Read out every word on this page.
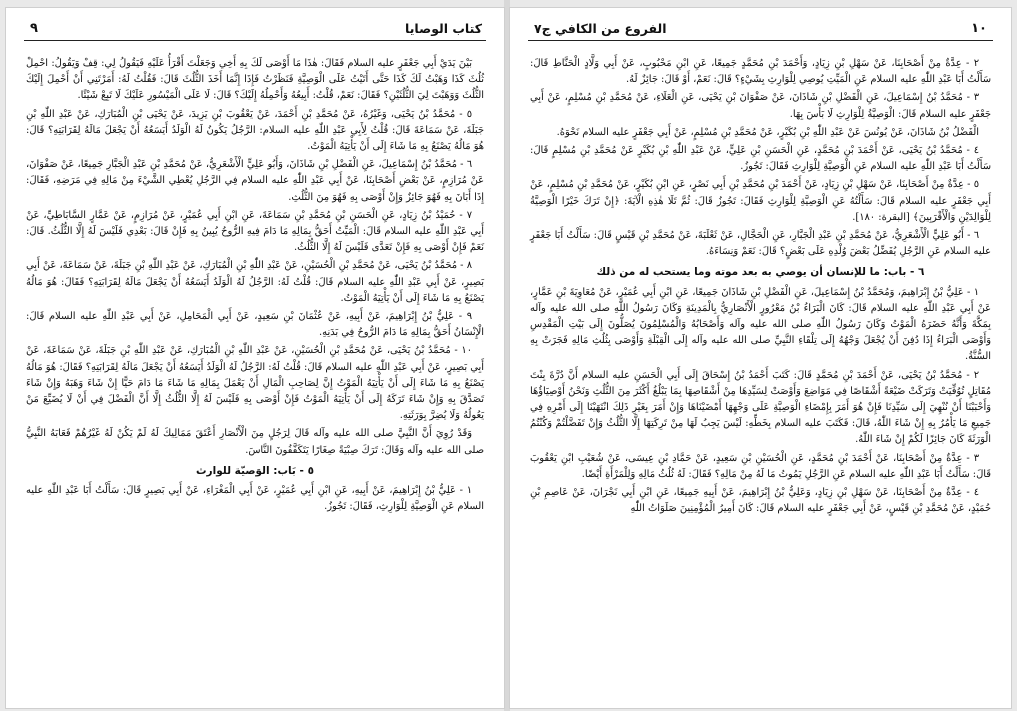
٩	كتاب الوصايا

بَيْنَ يَدَيْ أَبِي جَعْفَرٍ عليه السلام فَقَالَ: هٰذَا مَا أَوْصَى لَكَ بِهِ أَخِي وَجَعَلْتَ أَقْرَأُ عَلَيْهِ فَيَقُولُ لِي: قِفْ وَيَقُولُ: احْمِلْ ثُلُثَ كَذَا وَهَبْتُ لَكَ كَذَا حَتَّى أَتَيْتُ عَلَى الْوَصِيَّةِ فَنَظَرْتُ فَإِذَا إِنَّمَا أَخَذَ الثُّلُثَ قَالَ: فَقُلْتُ لَهُ: أَمَرْتَنِي أَنْ أَحْمِلَ إِلَيْكَ الثُّلُثَ وَوَهَبْتَ لِيَ الثُّلُثَيْنِ؟ فَقَالَ: نَعَمْ، قُلْتُ: أَبِيعُهُ وَأَحْمِلُهُ إِلَيْكَ؟ قَالَ: لَا عَلَى الْمَيْسُورِ عَلَيْكَ لَا تَبِعْ شَيْئًا.

٥ - مُحَمَّدُ بْنُ يَحْيَى، وَغَيْرُهُ، عَنْ مُحَمَّدِ بْنِ أَحْمَدَ، عَنْ يَعْقُوبَ بْنِ يَزِيدَ، عَنْ يَحْيَى بْنِ الْمُبَارَكِ، عَنْ عَبْدِ اللّٰهِ بْنِ جَبَلَةَ، عَنْ سَمَاعَةَ قَالَ: قُلْتُ لِأَبِي عَبْدِ اللّٰهِ عليه السلام: الرَّجُلُ يَكُونُ لَهُ الْوَلَدُ أَيَسَعُهُ أَنْ يَجْعَلَ مَالَهُ لِقَرَابَتِهِ؟ قَالَ: هُوَ مَالُهُ يَصْنَعُ بِهِ مَا شَاءَ إِلَى أَنْ يَأْتِيَهُ الْمَوْتُ.

٦ - مُحَمَّدُ بْنُ إِسْمَاعِيلَ، عَنِ الْفَضْلِ بْنِ شَاذَانَ، وَأَبُو عَلِيٍّ الْأَشْعَرِيُّ، عَنْ مُحَمَّدِ بْنِ عَبْدِ الْجَبَّارِ جَمِيعًا، عَنْ صَفْوَانَ، عَنْ مُرَازِمٍ، عَنْ بَعْضِ أَصْحَابِنَا، عَنْ أَبِي عَبْدِ اللّٰهِ عليه السلام فِي الرَّجُلِ يُعْطِي الشَّيْءَ مِنْ مَالِهِ فِي مَرَضِهِ، فَقَالَ: إِذَا أَبَانَ بِهِ فَهُوَ جَائِزٌ وَإِنْ أَوْصَى بِهِ فَهُوَ مِنَ الثُّلُثِ.

٧ - حُمَيْدُ بْنُ زِيَادٍ، عَنِ الْحَسَنِ بْنِ مُحَمَّدِ بْنِ سَمَاعَةَ، عَنِ ابْنِ أَبِي عُمَيْرٍ، عَنْ مُرَازِمٍ، عَنْ عَمَّارٍ السَّابَاطِيِّ، عَنْ أَبِي عَبْدِ اللّٰهِ عليه السلام قَالَ: الْمَيِّتُ أَحَقُّ بِمَالِهِ مَا دَامَ فِيهِ الرُّوحُ يُبِينُ بِهِ فَإِنْ قَالَ: بَعْدِي فَلَيْسَ لَهُ إِلَّا الثُّلُثُ. قَالَ: نَعَمْ فَإِنْ أَوْصَى بِهِ فَإِنْ تَعَدَّى فَلَيْسَ لَهُ إِلَّا الثُّلُثُ.

٨ - مُحَمَّدُ بْنُ يَحْيَى، عَنْ مُحَمَّدِ بْنِ الْحُسَيْنِ، عَنْ عَبْدِ اللّٰهِ بْنِ الْمُبَارَكِ، عَنْ عَبْدِ اللّٰهِ بْنِ جَبَلَةَ، عَنْ سَمَاعَةَ، عَنْ أَبِي بَصِيرٍ، عَنْ أَبِي عَبْدِ اللّٰهِ عليه السلام قَالَ: قُلْتُ لَهُ: الرَّجُلُ لَهُ الْوَلَدُ أَيَسَعُهُ أَنْ يَجْعَلَ مَالَهُ لِقَرَابَتِهِ؟ فَقَالَ: هُوَ مَالُهُ يَصْنَعُ بِهِ مَا شَاءَ إِلَى أَنْ يَأْتِيَهُ الْمَوْتُ.

٩ - عَلِيُّ بْنُ إِبْرَاهِيمَ، عَنْ أَبِيهِ، عَنْ عُثْمَانَ بْنِ سَعِيدٍ، عَنْ أَبِي الْمَحَامِلِ، عَنْ أَبِي عَبْدِ اللّٰهِ عليه السلام قَالَ: الْإِنْسَانُ أَحَقُّ بِمَالِهِ مَا دَامَ الرُّوحُ فِي بَدَنِهِ.

١٠ - مُحَمَّدُ بْنُ يَحْيَى، عَنْ مُحَمَّدِ بْنِ الْحُسَيْنِ، عَنْ عَبْدِ اللّٰهِ بْنِ الْمُبَارَكِ، عَنْ عَبْدِ اللّٰهِ بْنِ جَبَلَةَ، عَنْ سَمَاعَةَ، عَنْ أَبِي بَصِيرٍ، عَنْ أَبِي عَبْدِ اللّٰهِ عليه السلام قَالَ: قُلْتُ لَهُ: الرَّجُلُ لَهُ الْوَلَدُ أَيَسَعُهُ أَنْ يَجْعَلَ مَالَهُ لِقَرَابَتِهِ؟ فَقَالَ: هُوَ مَالُهُ يَصْنَعُ بِهِ مَا شَاءَ إِلَى أَنْ يَأْتِيَهُ الْمَوْتُ إِنَّ لِصَاحِبِ الْمَالِ أَنْ يَعْمَلَ بِمَالِهِ مَا شَاءَ مَا دَامَ حَيًّا إِنْ شَاءَ وَهَبَهُ وَإِنْ شَاءَ تَصَدَّقَ بِهِ وَإِنْ شَاءَ تَرَكَهُ إِلَى أَنْ يَأْتِيَهُ الْمَوْتُ فَإِنْ أَوْصَى بِهِ فَلَيْسَ لَهُ إِلَّا الثُّلُثُ إِلَّا أَنَّ الْفَضْلَ فِي أَنْ لَا يُضَيِّعَ مَنْ يَعُولُهُ وَلَا يُضِرَّ بِوَرَثَتِهِ.

وَقَدْ رُوِيَ أَنَّ النَّبِيَّ صلى الله عليه وآله قَالَ لِرَجُلٍ مِنَ الْأَنْصَارِ أَعْتَقَ مَمَالِيكَ لَهُ لَمْ يَكُنْ لَهُ غَيْرُهُمْ فَعَابَهُ النَّبِيُّ صلى الله عليه وآله وَقَالَ: تَرَكَ صِبْيَةً صِغَارًا يَتَكَفَّفُونَ النَّاسَ.

٥ - بَاب: الوَصيّة للوارث

١ - عَلِيُّ بْنُ إِبْرَاهِيمَ، عَنْ أَبِيهِ، عَنِ ابْنِ أَبِي عُمَيْرٍ، عَنْ أَبِي الْمَغْرَاءِ، عَنْ أَبِي بَصِيرٍ قَالَ: سَأَلْتُ أَبَا عَبْدِ اللّٰهِ عليه السلام عَنِ الْوَصِيَّةِ لِلْوَارِثِ، فَقَالَ: تَجُوزُ.

١٠
الفروع من الكافي ج٧

٢ - عِدَّةٌ مِنْ أَصْحَابِنَا، عَنْ سَهْلِ بْنِ زِيَادٍ، وَأَحْمَدَ بْنِ مُحَمَّدٍ جَمِيعًا، عَنِ ابْنِ مَحْبُوبٍ، عَنْ أَبِي وَلَّادٍ الْحَنَّاطِ قَالَ: سَأَلْتُ أَبَا عَبْدِ اللّٰهِ عليه السلام عَنِ الْمَيِّتِ يُوصِي لِلْوَارِثِ بِشَيْءٍ؟ قَالَ: نَعَمْ، أَوْ قَالَ: جَائِزٌ لَهُ.

٣ - مُحَمَّدُ بْنُ إِسْمَاعِيلَ، عَنِ الْفَضْلِ بْنِ شَاذَانَ، عَنْ صَفْوَانَ بْنِ يَحْيَى، عَنِ الْعَلَاءِ، عَنْ مُحَمَّدِ بْنِ مُسْلِمٍ، عَنْ أَبِي جَعْفَرٍ عليه السلام قَالَ: الْوَصِيَّةُ لِلْوَارِثِ لَا بَأْسَ بِهَا.

الْفَضْلُ بْنُ شَاذَانَ، عَنْ يُونُسَ عَنْ عَبْدِ اللّٰهِ بْنِ بُكَيْرٍ، عَنْ مُحَمَّدِ بْنِ مُسْلِمٍ، عَنْ أَبِي جَعْفَرٍ عليه السلام نَحْوَهُ.

٤ - مُحَمَّدُ بْنُ يَحْيَى، عَنْ أَحْمَدَ بْنِ مُحَمَّدٍ، عَنِ الْحَسَنِ بْنِ عَلِيٍّ، عَنْ عَبْدِ اللّٰهِ بْنِ بُكَيْرٍ عَنْ مُحَمَّدِ بْنِ مُسْلِمٍ قَالَ: سَأَلْتُ أَبَا عَبْدِ اللّٰهِ عليه السلام عَنِ الْوَصِيَّةِ لِلْوَارِثِ فَقَالَ: تَجُوزُ.

٥ - عِدَّةٌ مِنْ أَصْحَابِنَا، عَنْ سَهْلِ بْنِ زِيَادٍ، عَنْ أَحْمَدَ بْنِ مُحَمَّدِ بْنِ أَبِي نَصْرٍ، عَنِ ابْنِ بُكَيْرٍ، عَنْ مُحَمَّدِ بْنِ مُسْلِمٍ، عَنْ أَبِي جَعْفَرٍ عليه السلام قَالَ: سَأَلْتُهُ عَنِ الْوَصِيَّةِ لِلْوَارِثِ فَقَالَ: تَجُوزُ قَالَ: ثُمَّ تَلَا هٰذِهِ الْآيَةَ: ﴿إِنْ تَرَكَ خَيْرًا الْوَصِيَّةُ لِلْوَالِدَيْنِ وَالْأَقْرَبِينَ﴾ [البقرة: ١٨٠].

٦ - أَبُو عَلِيٍّ الْأَشْعَرِيُّ، عَنْ مُحَمَّدِ بْنِ عَبْدِ الْجَبَّارِ، عَنِ الْحَجَّالِ، عَنْ ثَعْلَبَةَ، عَنْ مُحَمَّدِ بْنِ قَيْسٍ قَالَ: سَأَلْتُ أَبَا جَعْفَرٍ عليه السلام عَنِ الرَّجُلِ يُفَضِّلُ بَعْضَ وُلْدِهِ عَلَى بَعْضٍ؟ قَالَ: نَعَمْ وَنِسَاءَهُ.

٦ - باب: ما للإنسان أن يوصي به بعد موته وما يستحب له من ذلك

١ - عَلِيُّ بْنُ إِبْرَاهِيمَ، وَمُحَمَّدُ بْنُ إِسْمَاعِيلَ، عَنِ الْفَضْلِ بْنِ شَاذَانَ جَمِيعًا، عَنِ ابْنِ أَبِي عُمَيْرٍ، عَنْ مُعَاوِيَةَ بْنِ عَمَّارٍ، عَنْ أَبِي عَبْدِ اللّٰهِ عليه السلام قَالَ: كَانَ الْبَرَاءُ بْنُ مَعْرُورٍ الْأَنْصَارِيُّ بِالْمَدِينَةِ وَكَانَ رَسُولُ اللّٰهِ صلى الله عليه وآله بِمَكَّةَ وَأَنَّهُ حَضَرَهُ الْمَوْتُ وَكَانَ رَسُولُ اللّٰهِ صلى الله عليه وآله وَأَصْحَابُهُ وَالْمُسْلِمُونَ يُصَلُّونَ إِلَى بَيْتِ الْمَقْدِسِ وَأَوْصَى الْبَرَاءُ إِذَا دُفِنَ أَنْ يُجْعَلَ وَجْهُهُ إِلَى تِلْقَاءِ النَّبِيِّ صلى الله عليه وآله إِلَى الْقِبْلَةِ وَأَوْصَى بِثُلُثِ مَالِهِ فَجَرَتْ بِهِ السُّنَّةُ.

٢ - مُحَمَّدُ بْنُ يَحْيَى، عَنْ أَحْمَدَ بْنِ مُحَمَّدٍ قَالَ: كَتَبَ أَحْمَدُ بْنُ إِسْحَاقَ إِلَى أَبِي الْحَسَنِ عليه السلام أَنَّ دُرَّةَ بِنْتَ مُقَاتِلٍ تُوُفِّيَتْ وَتَرَكَتْ ضَيْعَةً أَشْقَاصًا فِي مَوَاضِعَ وَأَوْصَتْ لِسَيِّدِهَا مِنْ أَشْقَاصِهَا بِمَا يَبْلُغُ أَكْثَرَ مِنَ الثُّلُثِ وَنَحْنُ أَوْصِيَاؤُهَا وَأَحْبَبْنَا أَنْ نُنْهِيَ إِلَى سَيِّدِنَا فَإِنْ هُوَ أَمَرَ بِإِمْضَاءِ الْوَصِيَّةِ عَلَى وَجْهِهَا أَمْضَيْنَاهَا وَإِنْ أَمَرَ بِغَيْرِ ذَلِكَ انْتَهَيْنَا إِلَى أَمْرِهِ فِي جَمِيعِ مَا يَأْمُرُ بِهِ إِنْ شَاءَ اللّٰهُ، قَالَ: فَكَتَبَ عليه السلام بِخَطِّهِ: لَيْسَ يَجِبُ لَهَا مِنْ تَرِكَتِهَا إِلَّا الثُّلُثُ وَإِنْ تَفَضَّلْتُمْ وَكُنْتُمُ الْوَرَثَةَ كَانَ جَائِزًا لَكُمْ إِنْ شَاءَ اللّٰهُ.

٣ - عِدَّةٌ مِنْ أَصْحَابِنَا، عَنْ أَحْمَدَ بْنِ مُحَمَّدٍ، عَنِ الْحُسَيْنِ بْنِ سَعِيدٍ، عَنْ حَمَّادِ بْنِ عِيسَى، عَنْ شُعَيْبِ ابْنِ يَعْقُوبَ قَالَ: سَأَلْتُ أَبَا عَبْدِ اللّٰهِ عليه السلام عَنِ الرَّجُلِ يَمُوتُ مَا لَهُ مِنْ مَالِهِ؟ فَقَالَ: لَهُ ثُلُثُ مَالِهِ وَلِلْمَرْأَةِ أَيْضًا.

٤ - عِدَّةٌ مِنْ أَصْحَابِنَا، عَنْ سَهْلِ بْنِ زِيَادٍ، وَعَلِيُّ بْنُ إِبْرَاهِيمَ، عَنْ أَبِيهِ جَمِيعًا، عَنِ ابْنِ أَبِي نَجْرَانَ، عَنْ عَاصِمِ بْنِ حُمَيْدٍ، عَنْ مُحَمَّدِ بْنِ قَيْسٍ، عَنْ أَبِي جَعْفَرٍ عليه السلام قَالَ: كَانَ أَمِيرُ الْمُؤْمِنِينَ صَلَوَاتُ اللّٰهِ
